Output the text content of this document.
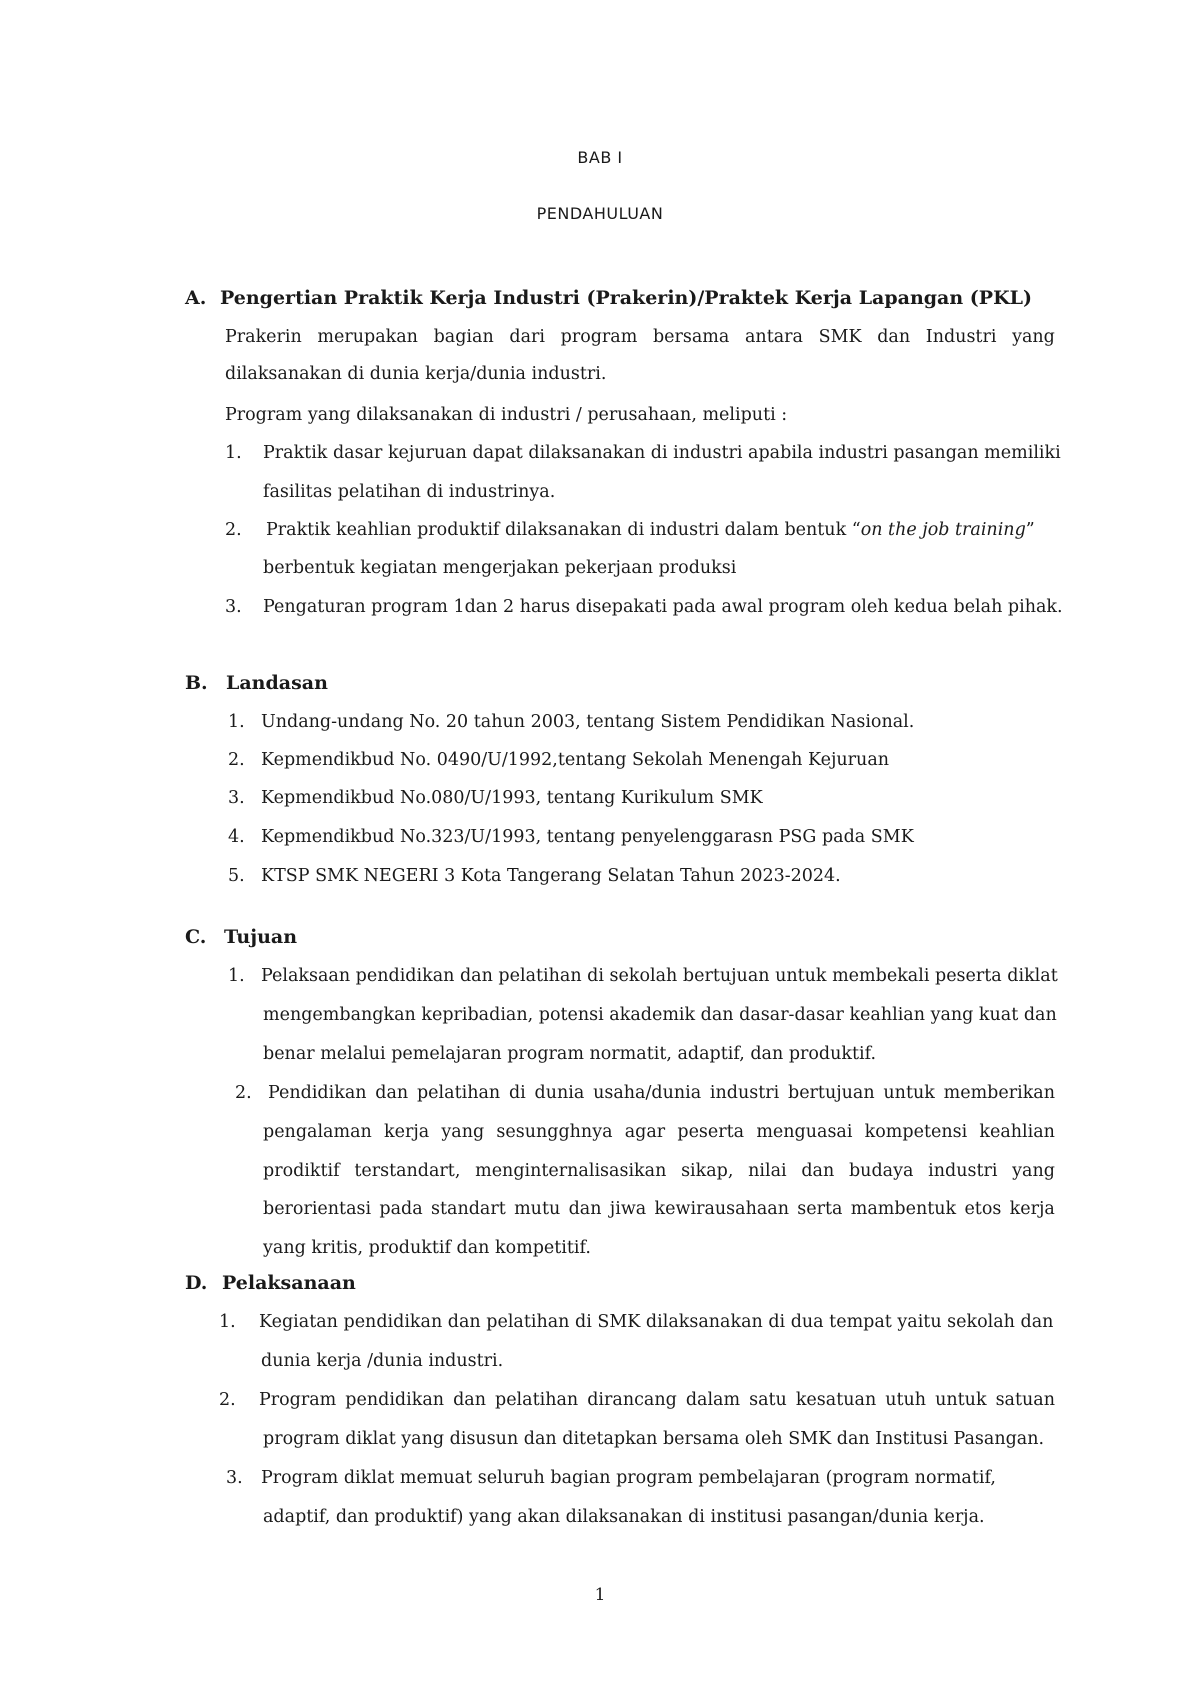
BAB I
PENDAHULUAN
A. Pengertian Praktik Kerja Industri (Prakerin)/Praktek Kerja Lapangan (PKL)
Prakerin merupakan bagian dari program bersama antara SMK dan Industri yang
dilaksanakan di dunia kerja/dunia industri.
Program yang dilaksanakan di industri / perusahaan, meliputi :
1. Praktik dasar kejuruan dapat dilaksanakan di industri apabila industri pasangan memiliki
fasilitas pelatihan di industrinya.
2. Praktik keahlian produktif dilaksanakan di industri dalam bentuk “on the job training”
berbentuk kegiatan mengerjakan pekerjaan produksi
3. Pengaturan program 1dan 2 harus disepakati pada awal program oleh kedua belah pihak.
B. Landasan
1. Undang-undang No. 20 tahun 2003, tentang Sistem Pendidikan Nasional.
2. Kepmendikbud No. 0490/U/1992,tentang Sekolah Menengah Kejuruan
3. Kepmendikbud No.080/U/1993, tentang Kurikulum SMK
4. Kepmendikbud No.323/U/1993, tentang penyelenggarasn PSG pada SMK
5. KTSP SMK NEGERI 3 Kota Tangerang Selatan Tahun 2023-2024.
C. Tujuan
1. Pelaksaan pendidikan dan pelatihan di sekolah bertujuan untuk membekali peserta diklat
mengembangkan kepribadian, potensi akademik dan dasar-dasar keahlian yang kuat dan
benar melalui pemelajaran program normatit, adaptif, dan produktif.
2. Pendidikan dan pelatihan di dunia usaha/dunia industri bertujuan untuk memberikan
pengalaman kerja yang sesungghnya agar peserta menguasai kompetensi keahlian
prodiktif terstandart, menginternalisasikan sikap, nilai dan budaya industri yang
berorientasi pada standart mutu dan jiwa kewirausahaan serta mambentuk etos kerja
yang kritis, produktif dan kompetitif.
D. Pelaksanaan
1. Kegiatan pendidikan dan pelatihan di SMK dilaksanakan di dua tempat yaitu sekolah dan
dunia kerja /dunia industri.
2. Program pendidikan dan pelatihan dirancang dalam satu kesatuan utuh untuk satuan
program diklat yang disusun dan ditetapkan bersama oleh SMK dan Institusi Pasangan.
3. Program diklat memuat seluruh bagian program pembelajaran (program normatif,
adaptif, dan produktif) yang akan dilaksanakan di institusi pasangan/dunia kerja.
1
